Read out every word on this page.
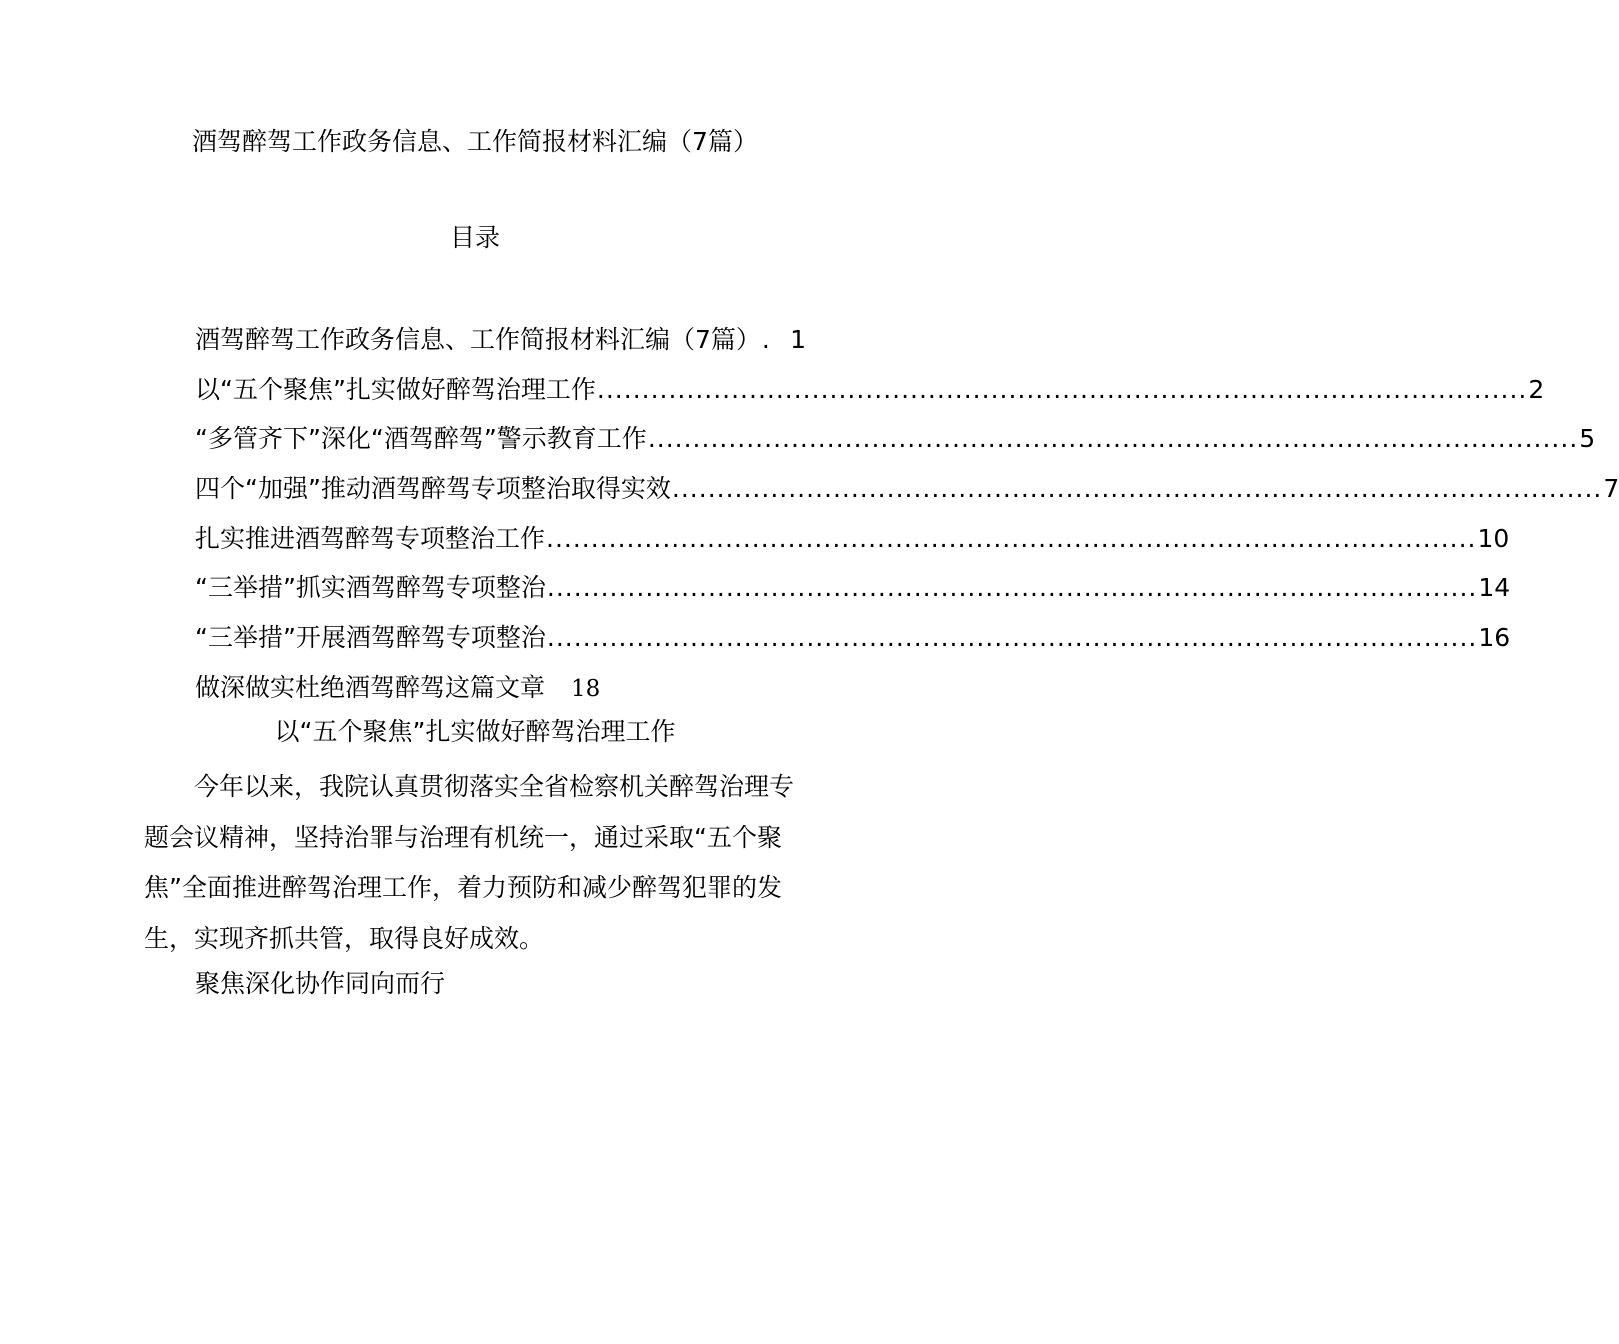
酒驾醉驾工作政务信息、工作简报材料汇编（7篇）
目录
酒驾醉驾工作政务信息、工作简报材料汇编（7篇） . 1
以“五个聚焦”扎实做好醉驾治理工作 ........................................................................................................ 2
“多管齐下”深化“酒驾醉驾”警示教育工作 ........................................................................................................ 5
四个“加强”推动酒驾醉驾专项整治取得实效 ........................................................................................................ 7
扎实推进酒驾醉驾专项整治工作 ........................................................................................................ 10
“三举措”抓实酒驾醉驾专项整治 ........................................................................................................ 14
“三举措”开展酒驾醉驾专项整治 ........................................................................................................ 16
做深做实杜绝酒驾醉驾这篇文章 18
以“五个聚焦”扎实做好醉驾治理工作

今年以来，我院认真贯彻落实全省检察机关醉驾治理专题会议精神，坚持治罪与治理有机统一，通过采取“五个聚焦”全面推进醉驾治理工作，着力预防和减少醉驾犯罪的发生，实现齐抓共管，取得良好成效。

聚焦深化协作同向而行
